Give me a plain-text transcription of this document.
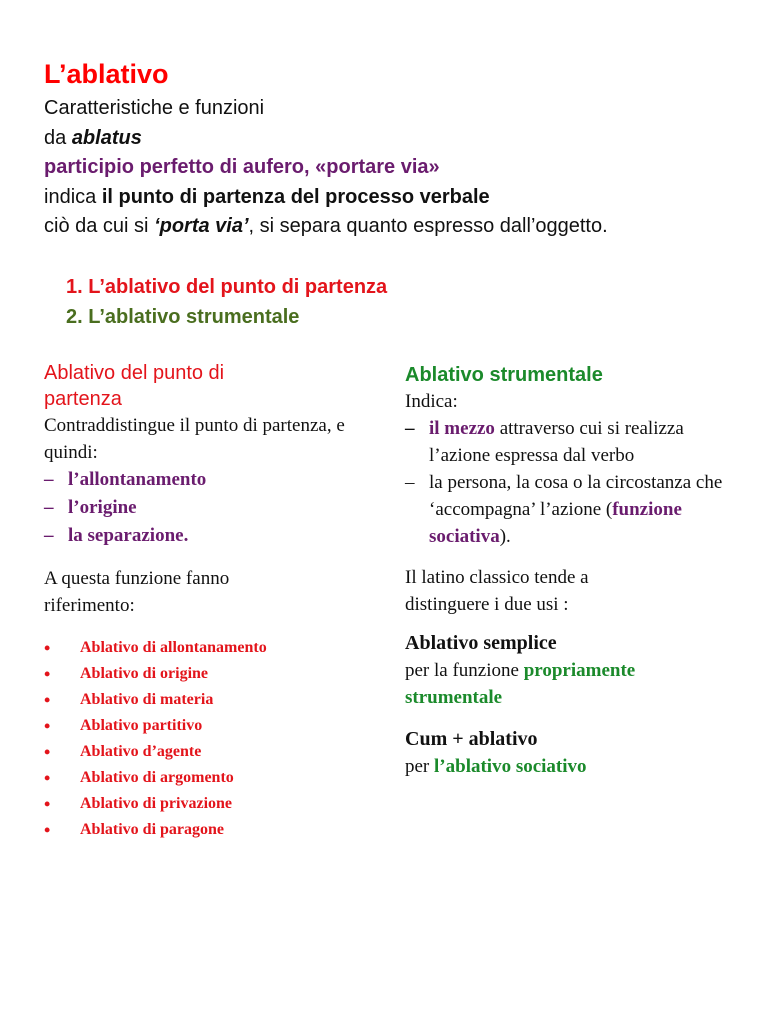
L’ablativo
Caratteristiche e funzioni
da ablatus
participio perfetto di aufero, «portare via»
indica il punto di partenza del processo verbale
ciò da cui si ‘porta via’, si separa quanto espresso dall’oggetto.
1. L’ablativo del punto di partenza
2. L’ablativo strumentale
Ablativo del punto di
partenza
Contraddistingue il punto di partenza, e quindi:
– l’allontanamento
– l’origine
– la separazione.
A questa funzione fanno riferimento:
• Ablativo di allontanamento
• Ablativo di origine
• Ablativo di materia
• Ablativo partitivo
• Ablativo d’agente
• Ablativo di argomento
• Ablativo di privazione
• Ablativo di paragone
Ablativo strumentale
Indica:
– il mezzo attraverso cui si realizza l’azione espressa dal verbo
– la persona, la cosa o la circostanza che ‘accompagna’ l’azione (funzione sociativa).
Il latino classico tende a distinguere i due usi :
Ablativo semplice
per la funzione propriamente strumentale
Cum + ablativo
per l’ablativo sociativo
